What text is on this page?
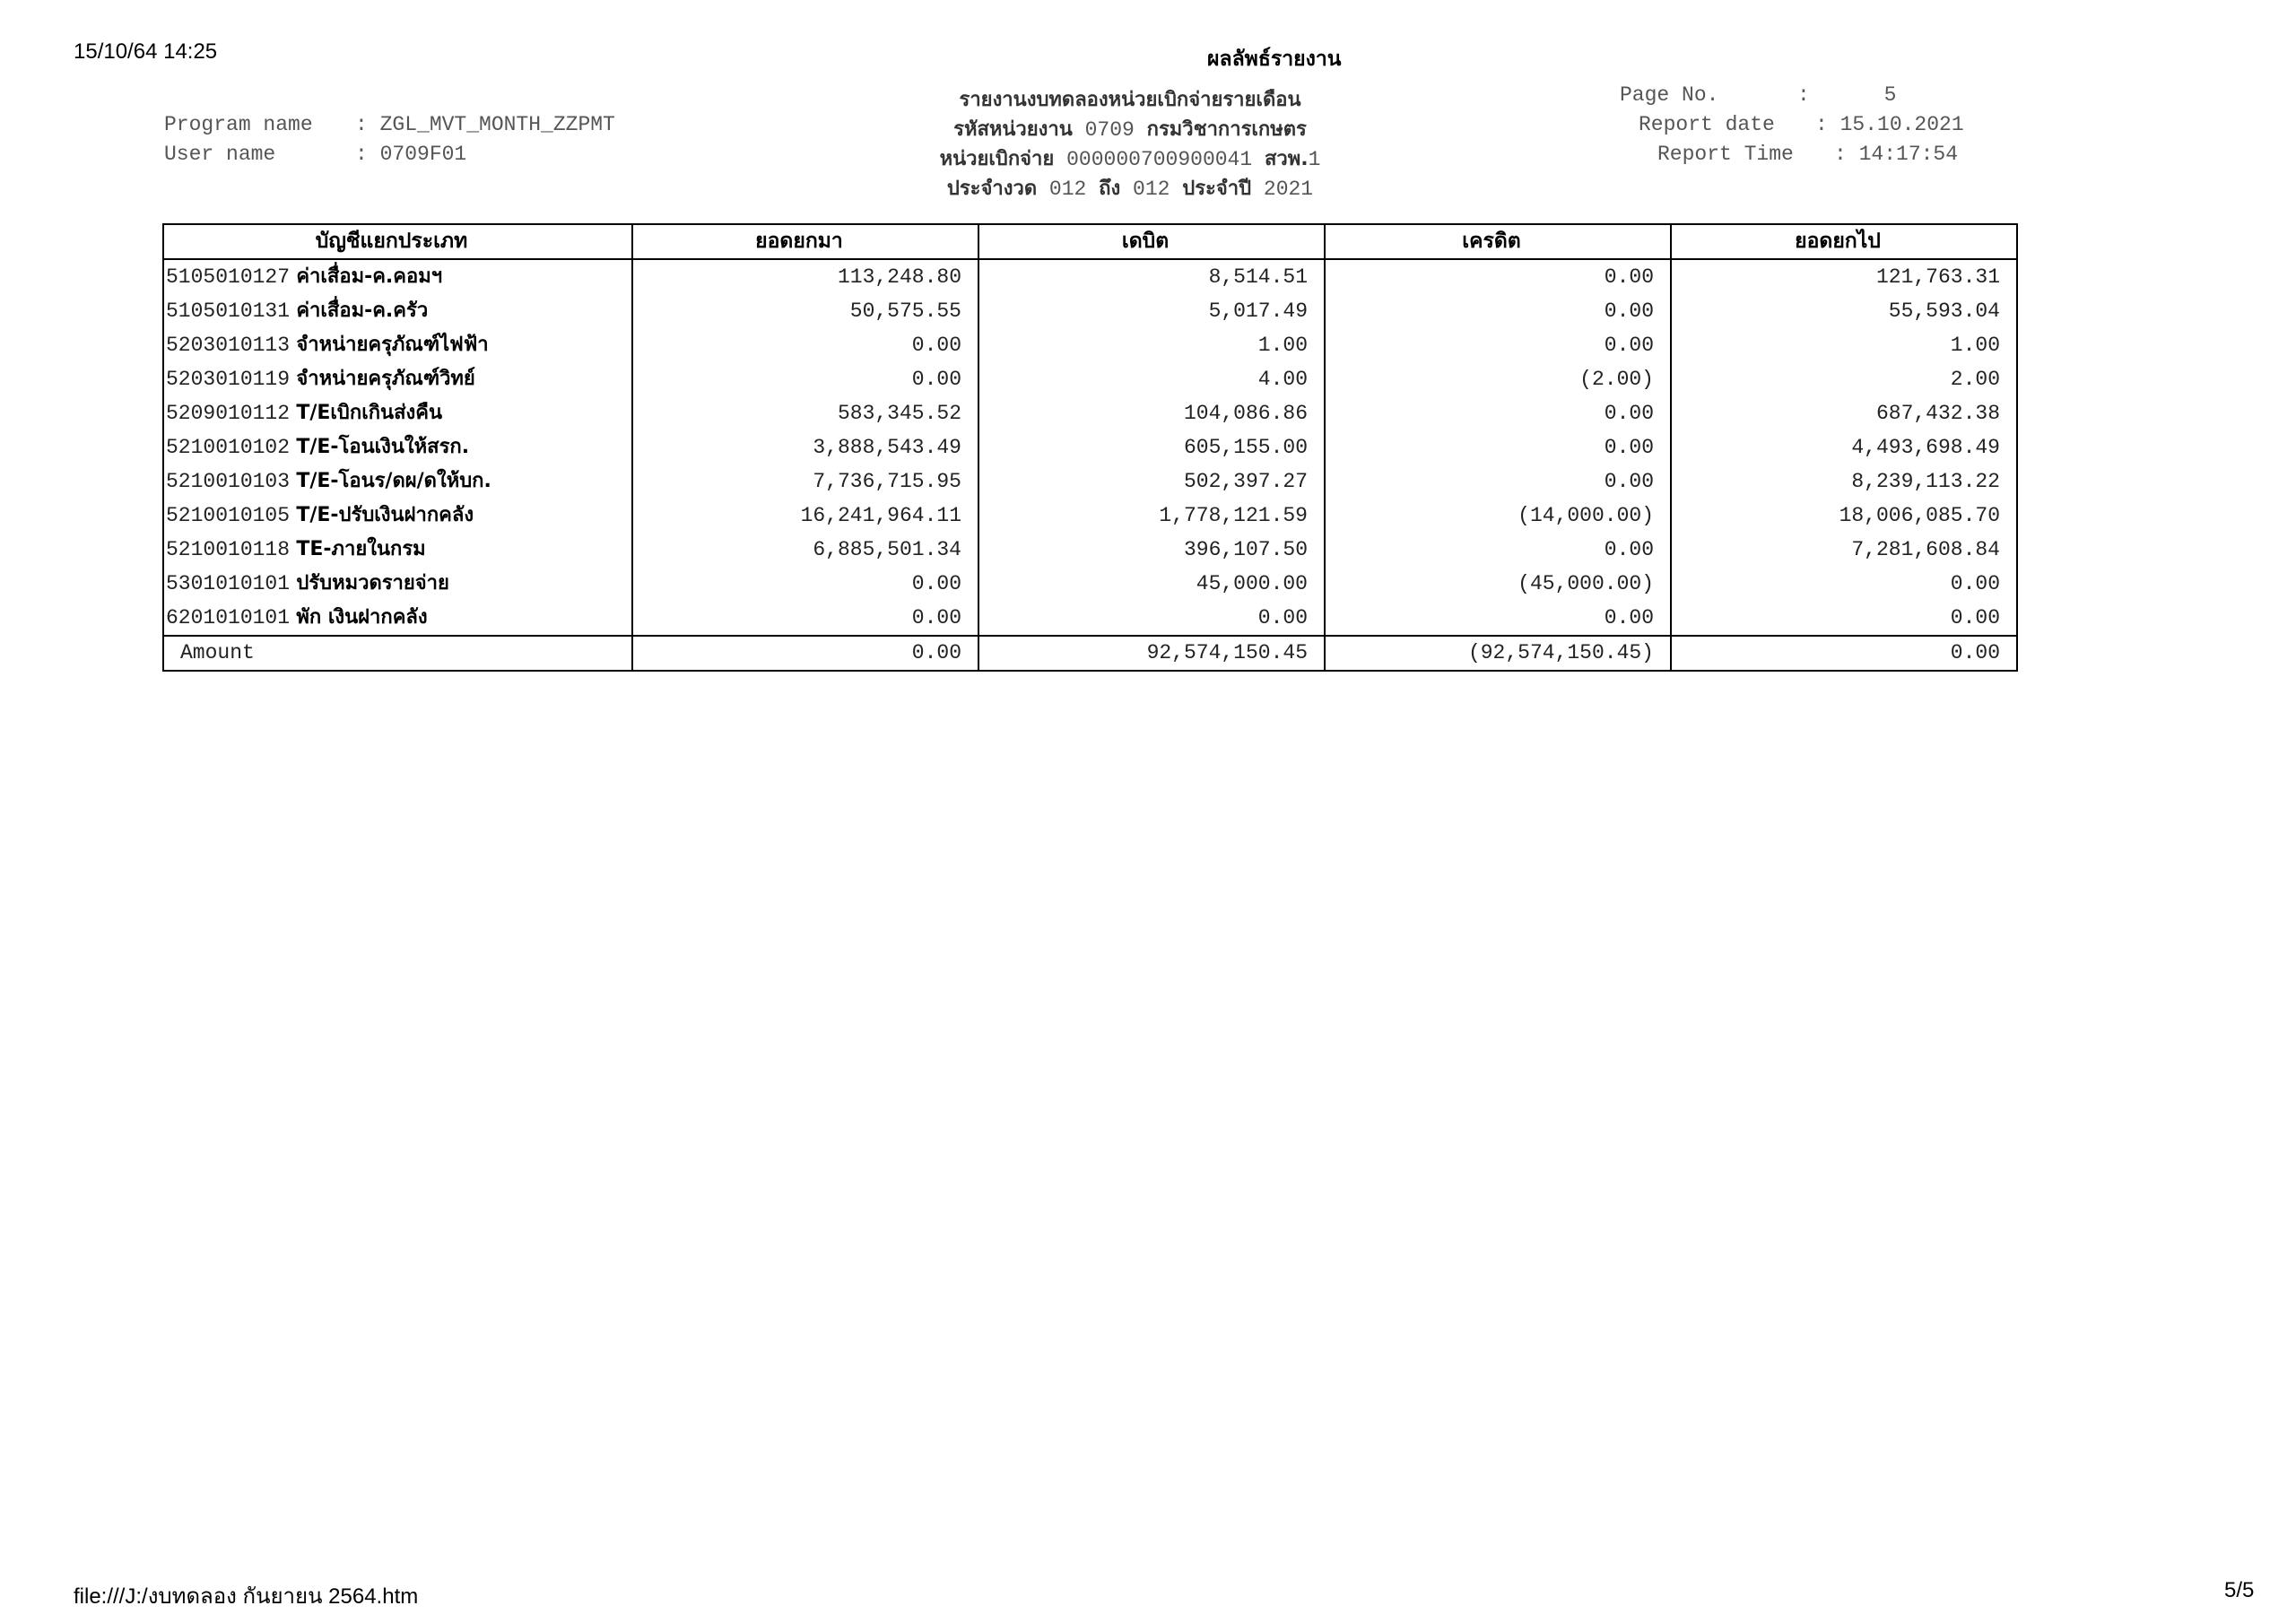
15/10/64 14:25	ผลลัพธ์รายงาน
Program name : ZGL_MVT_MONTH_ZZPMT
User name	: 0709F01
รายงานงบทดลองหน่วยเบิกจ่ายรายเดือน
รหัสหน่วยงาน 0709 กรมวิชาการเกษตร
หน่วยเบิกจ่าย 000000700900041 สวพ.1
ประจำงวด 012 ถึง 012 ประจำปี 2021
Page No.	:      5
Report date : 15.10.2021
Report Time : 14:17:54
บัญชีแยกประเภท	ยอดยกมา	เดบิต	เครดิต	ยอดยกไป
5105010127 ค่าเสื่อม-ค.คอมฯ	113,248.80	8,514.51	0.00	121,763.31
5105010131 ค่าเสื่อม-ค.ครัว	50,575.55	5,017.49	0.00	55,593.04
5203010113 จำหน่ายครุภัณฑ์ไฟฟ้า	0.00	1.00	0.00	1.00
5203010119 จำหน่ายครุภัณฑ์วิทย์	0.00	4.00	(2.00)	2.00
5209010112 T/Eเบิกเกินส่งคืน	583,345.52	104,086.86	0.00	687,432.38
5210010102 T/E-โอนเงินให้สรก.	3,888,543.49	605,155.00	0.00	4,493,698.49
5210010103 T/E-โอนร/ดผ/ดให้บก.	7,736,715.95	502,397.27	0.00	8,239,113.22
5210010105 T/E-ปรับเงินฝากคลัง	16,241,964.11	1,778,121.59	(14,000.00)	18,006,085.70
5210010118 TE-ภายในกรม	6,885,501.34	396,107.50	0.00	7,281,608.84
5301010101 ปรับหมวดรายจ่าย	0.00	45,000.00	(45,000.00)	0.00
6201010101 พัก เงินฝากคลัง	0.00	0.00	0.00	0.00
Amount	0.00	92,574,150.45	(92,574,150.45)	0.00
file:///J:/งบทดลอง กันยายน 2564.htm	5/5
